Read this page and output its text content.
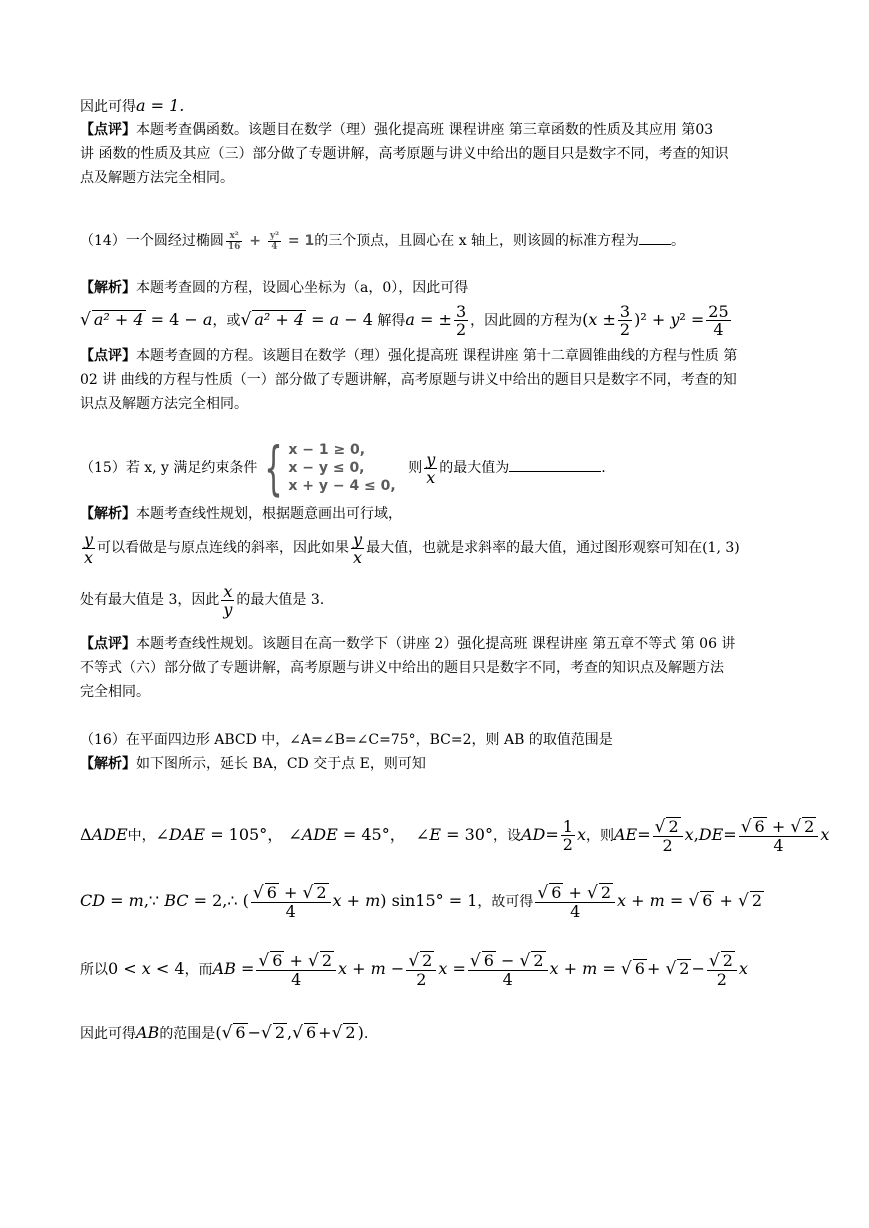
因此可得a = 1.
【点评】本题考查偶函数。该题目在数学（理）强化提高班 课程讲座 第三章函数的性质及其应用 第03
讲 函数的性质及其应（三）部分做了专题讲解，高考原题与讲义中给出的题目只是数字不同，考查的知识
点及解题方法完全相同。
（14）一个圆经过椭圆 $\frac{\text{x²}}{16} + \frac{\text{y²}}{4} = 1$的三个顶点，且圆心在 x 轴上，则该圆的标准方程为 。
【解析】本题考查圆的方程，设圆心坐标为（a，0），因此可得
√ a² + 4 = 4 − a，或√ a² + 4 = a − 4 解得a = ± $\frac{3}{2}$ ，因此圆的方程为$(x \pm \frac{3}{2} )^2 + y^2 = \frac{25}{4}$
【点评】本题考查圆的方程。该题目在数学（理）强化提高班 课程讲座 第十二章圆锥曲线的方程与性质 第
02 讲 曲线的方程与性质（一）部分做了专题讲解，高考原题与讲义中给出的题目只是数字不同，考查的知
识点及解题方法完全相同。
（15）若 x, y 满足约束条件 { x − 1 ≥ 0,
x − y ≤ 0,
x + y − 4 ≤ 0,
则 $\frac{y}{x}$ 的最大值为	.
【解析】本题考查线性规划，根据题意画出可行域，
$\frac{y}{x}$ 可以看做是与原点连线的斜率，因此如果 $\frac{y}{x}$ 最大值，也就是求斜率的最大值，通过图形观察可知在(1, 3)
处有最大值是 3，因此 $\frac{x}{y}$ 的最大值是 3.
【点评】本题考查线性规划。该题目在高一数学下（讲座 2）强化提高班 课程讲座 第五章不等式 第 06 讲
不等式（六）部分做了专题讲解，高考原题与讲义中给出的题目只是数字不同，考查的知识点及解题方法
完全相同。
（16）在平面四边形 ABCD 中，∠A=∠B=∠C=75°，BC=2，则 AB 的取值范围是
【解析】如下图所示，延长 BA，CD 交于点 E，则可知
ΔADE中，∠DAE = 105°， ∠ADE = 45°，  ∠E = 30°，设$AD= \frac{1}{2}$ x，则$AE= \frac{√ 2}{2} x,DE= \frac{√ 6 + √ 2}{4}$ x
CD = m,∵ BC = 2,∴ ( $\frac{√ 6 + √ 2}{4}$ x + m) sin15° = 1，故可得 $\frac{√ 6 + √ 2}{4}$ x + m = √ 6 + √ 2
所以0 < x < 4，而AB = $\frac{√ 6 + √ 2}{4}$ $x + m - \frac{√ 2}{2}$ $x = \frac{√ 6 - √ 2}{4}$ x + m = √ 6 + √ $2 - \frac{√ 2}{2}$ x
因此可得AB的范围是(√ 6 −√ 2 ,√ 6 +√ 2 ).
